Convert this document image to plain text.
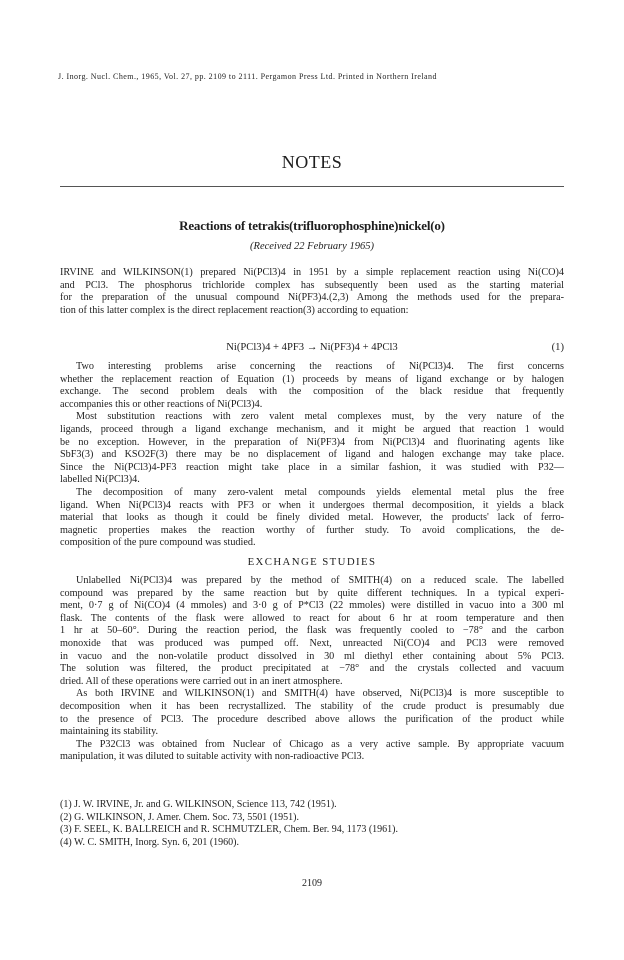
J. Inorg. Nucl. Chem., 1965, Vol. 27, pp. 2109 to 2111. Pergamon Press Ltd. Printed in Northern Ireland
NOTES
Reactions of tetrakis(trifluorophosphine)nickel(o)
(Received 22 February 1965)
IRVINE and WILKINSON(1) prepared Ni(PCl3)4 in 1951 by a simple replacement reaction using Ni(CO)4
and PCl3. The phosphorus trichloride complex has subsequently been used as the starting material
for the preparation of the unusual compound Ni(PF3)4.(2,3) Among the methods used for the prepara-
tion of this latter complex is the direct replacement reaction(3) according to equation:
Ni(PCl3)4 + 4PF3 → Ni(PF3)4 + 4PCl3	(1)
Two interesting problems arise concerning the reactions of Ni(PCl3)4. The first concerns
whether the replacement reaction of Equation (1) proceeds by means of ligand exchange or by halogen
exchange. The second problem deals with the composition of the black residue that frequently
accompanies this or other reactions of Ni(PCl3)4.
Most substitution reactions with zero valent metal complexes must, by the very nature of the
ligands, proceed through a ligand exchange mechanism, and it might be argued that reaction 1 would
be no exception. However, in the preparation of Ni(PF3)4 from Ni(PCl3)4 and fluorinating agents like
SbF3(3) and KSO2F(3) there may be no displacement of ligand and halogen exchange may take place.
Since the Ni(PCl3)4-PF3 reaction might take place in a similar fashion, it was studied with P32—
labelled Ni(PCl3)4.
The decomposition of many zero-valent metal compounds yields elemental metal plus the free
ligand. When Ni(PCl3)4 reacts with PF3 or when it undergoes thermal decomposition, it yields a black
material that looks as though it could be finely divided metal. However, the products' lack of ferro-
magnetic properties makes the reaction worthy of further study. To avoid complications, the de-
composition of the pure compound was studied.
EXCHANGE STUDIES
Unlabelled Ni(PCl3)4 was prepared by the method of SMITH(4) on a reduced scale. The labelled
compound was prepared by the same reaction but by quite different techniques. In a typical experi-
ment, 0·7 g of Ni(CO)4 (4 mmoles) and 3·0 g of P*Cl3 (22 mmoles) were distilled in vacuo into a 300 ml
flask. The contents of the flask were allowed to react for about 6 hr at room temperature and then
1 hr at 50–60°. During the reaction period, the flask was frequently cooled to −78° and the carbon
monoxide that was produced was pumped off. Next, unreacted Ni(CO)4 and PCl3 were removed
in vacuo and the non-volatile product dissolved in 30 ml diethyl ether containing about 5% PCl3.
The solution was filtered, the product precipitated at −78° and the crystals collected and vacuum
dried. All of these operations were carried out in an inert atmosphere.
As both IRVINE and WILKINSON(1) and SMITH(4) have observed, Ni(PCl3)4 is more susceptible to
decomposition when it has been recrystallized. The stability of the crude product is presumably due
to the presence of PCl3. The procedure described above allows the purification of the product while
maintaining its stability.
The P32Cl3 was obtained from Nuclear of Chicago as a very active sample. By appropriate vacuum
manipulation, it was diluted to suitable activity with non-radioactive PCl3.
(1) J. W. IRVINE, Jr. and G. WILKINSON, Science 113, 742 (1951).
(2) G. WILKINSON, J. Amer. Chem. Soc. 73, 5501 (1951).
(3) F. SEEL, K. BALLREICH and R. SCHMUTZLER, Chem. Ber. 94, 1173 (1961).
(4) W. C. SMITH, Inorg. Syn. 6, 201 (1960).
2109
